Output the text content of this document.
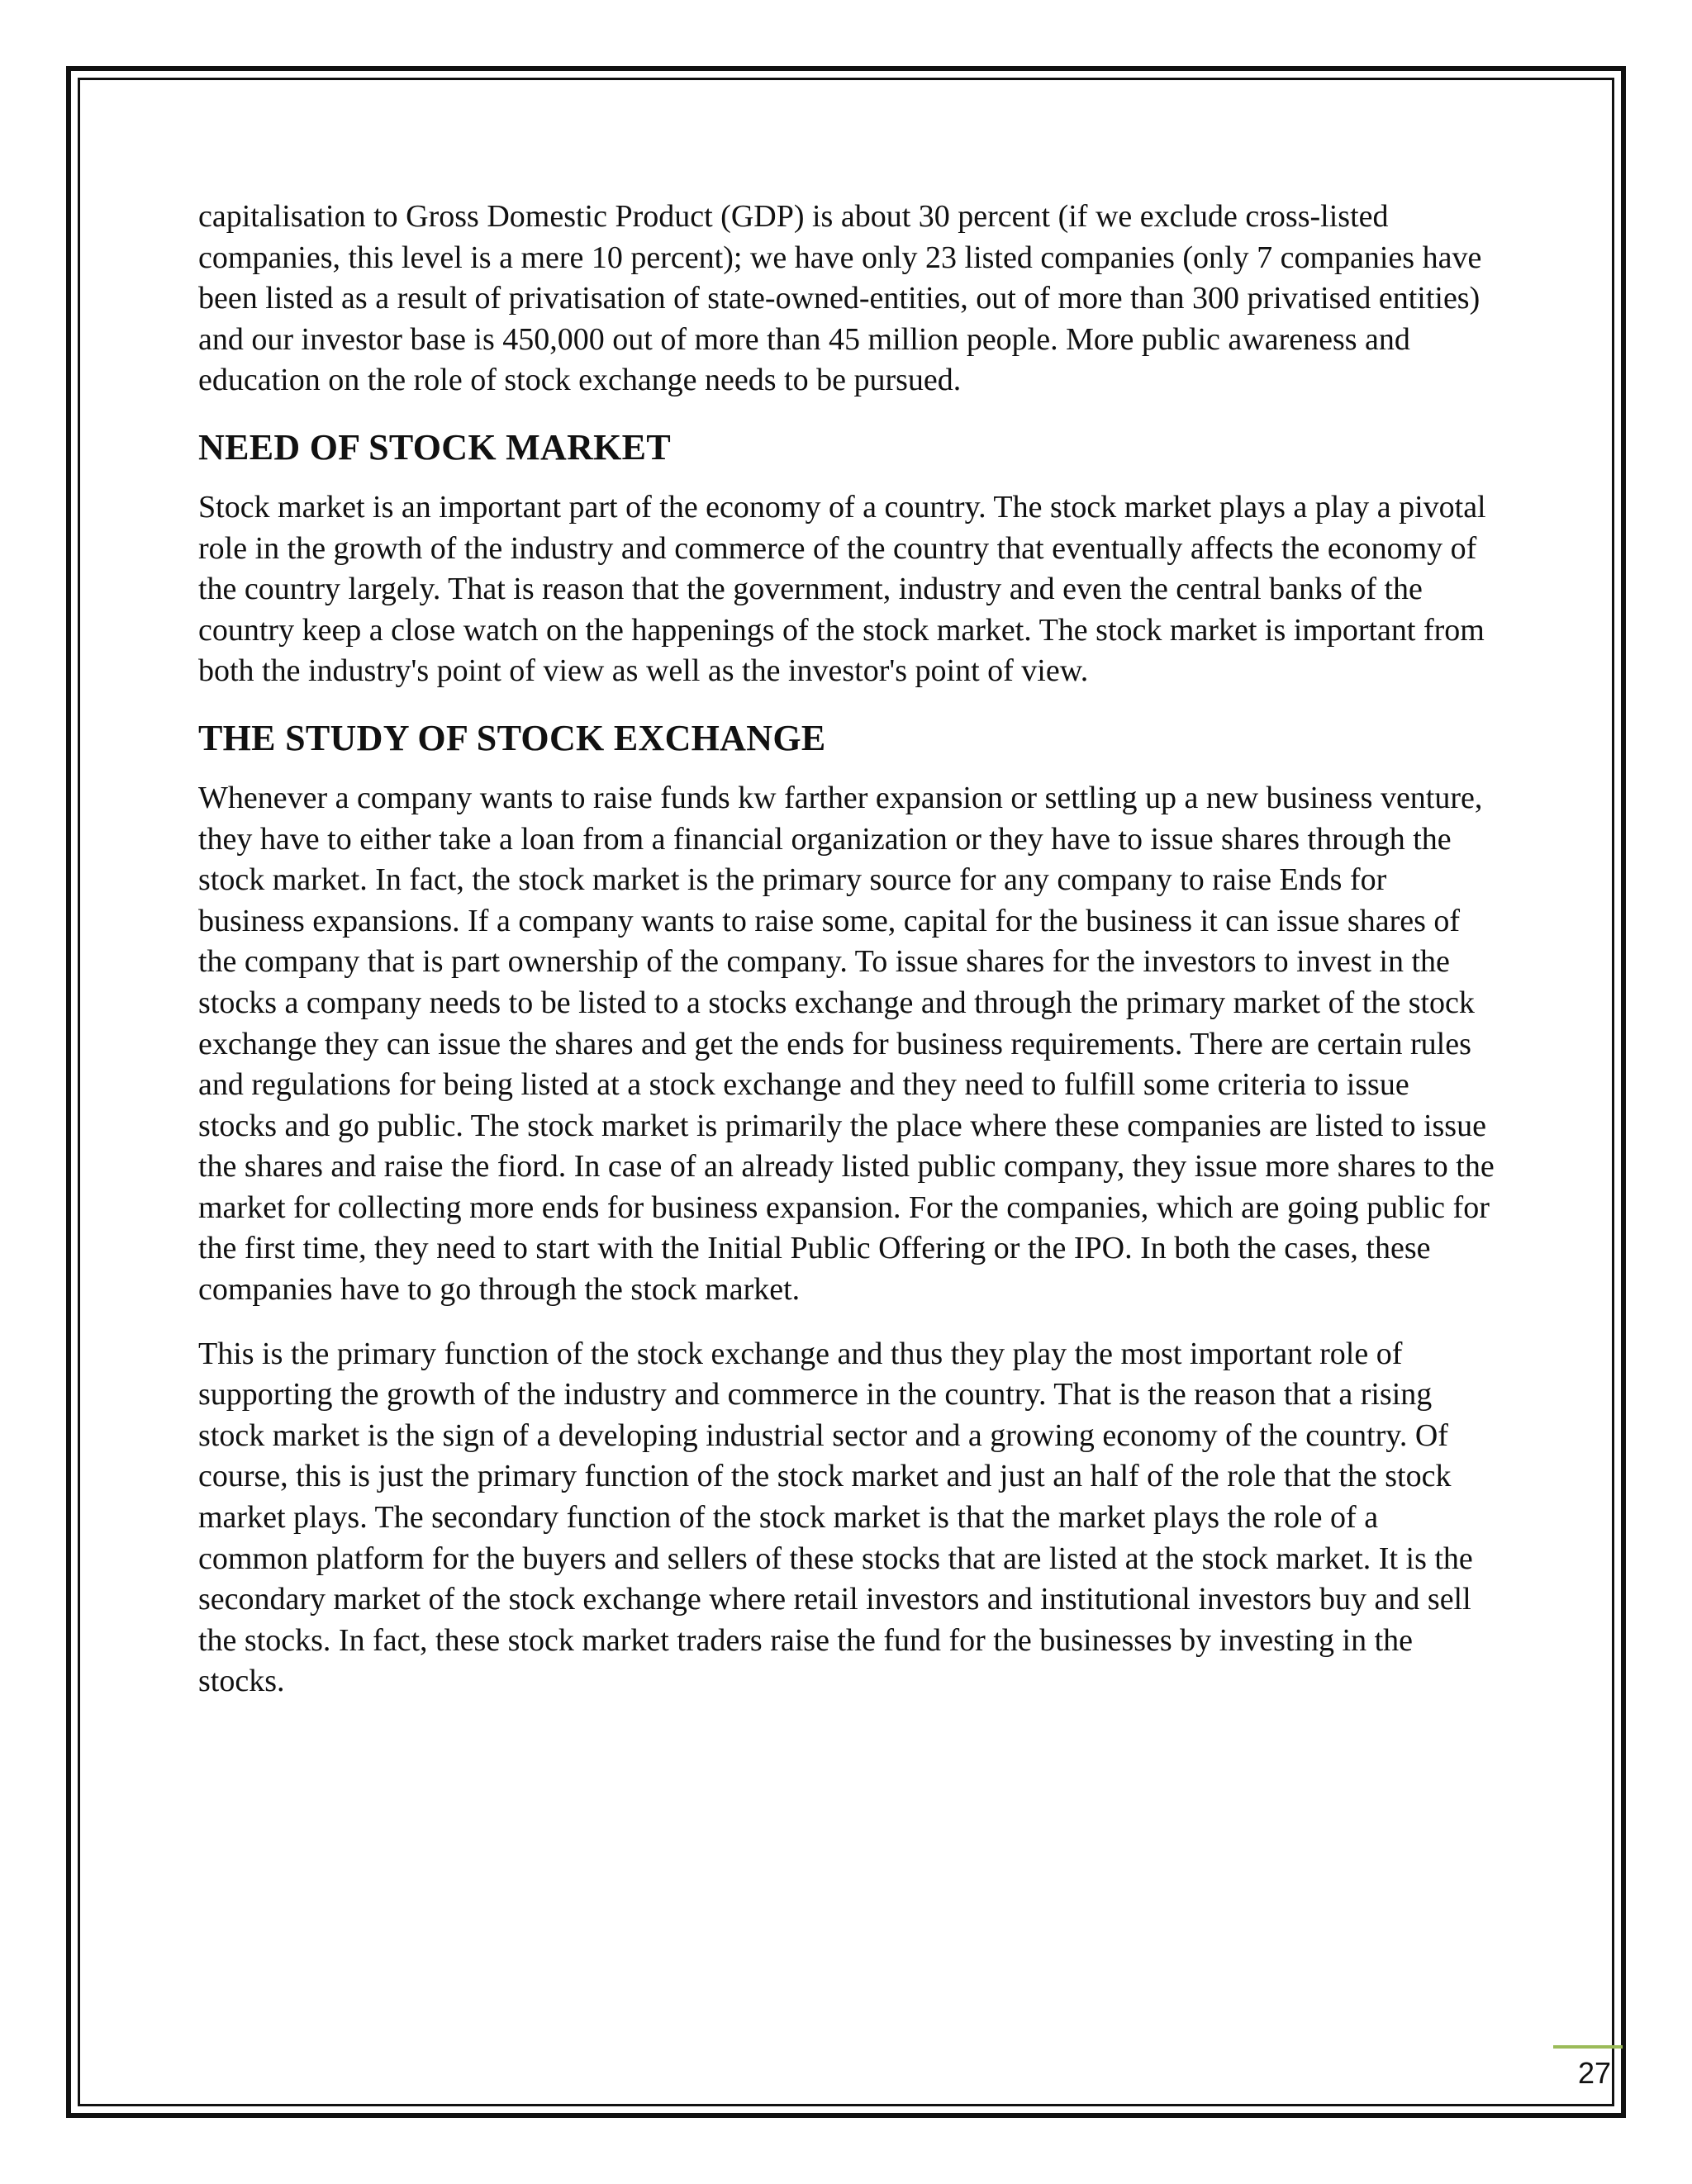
capitalisation to Gross Domestic Product (GDP) is about 30 percent (if we exclude cross-listed companies, this level is a mere 10 percent); we have only 23 listed companies (only 7 companies have been listed as a result of privatisation of state-owned-entities, out of more than 300 privatised entities) and our investor base is 450,000 out of more than 45 million people. More public awareness and education on the role of stock exchange needs to be pursued.

NEED OF STOCK MARKET

Stock market is an important part of the economy of a country. The stock market plays a play a pivotal role in the growth of the industry and commerce of the country that eventually affects the economy of the country largely. That is reason that the government, industry and even the central banks of the country keep a close watch on the happenings of the stock market. The stock market is important from both the industry's point of view as well as the investor's point of view.

THE STUDY OF STOCK EXCHANGE

Whenever a company wants to raise funds kw farther expansion or settling up a new business venture, they have to either take a loan from a financial organization or they have to issue shares through the stock market. In fact, the stock market is the primary source for any company to raise Ends for business expansions. If a company wants to raise some, capital for the business it can issue shares of the company that is part ownership of the company. To issue shares for the investors to invest in the stocks a company needs to be listed to a stocks exchange and through the primary market of the stock exchange they can issue the shares and get the ends for business requirements. There are certain rules and regulations for being listed at a stock exchange and they need to fulfill some criteria to issue stocks and go public. The stock market is primarily the place where these companies are listed to issue the shares and raise the fiord. In case of an already listed public company, they issue more shares to the market for collecting more ends for business expansion. For the companies, which are going public for the first time, they need to start with the Initial Public Offering or the IPO. In both the cases, these companies have to go through the stock market.

This is the primary function of the stock exchange and thus they play the most important role of supporting the growth of the industry and commerce in the country. That is the reason that a rising stock market is the sign of a developing industrial sector and a growing economy of the country. Of course, this is just the primary function of the stock market and just an half of the role that the stock market plays. The secondary function of the stock market is that the market plays the role of a common platform for the buyers and sellers of these stocks that are listed at the stock market. It is the secondary market of the stock exchange where retail investors and institutional investors buy and sell the stocks. In fact, these stock market traders raise the fund for the businesses by investing in the stocks.

27
